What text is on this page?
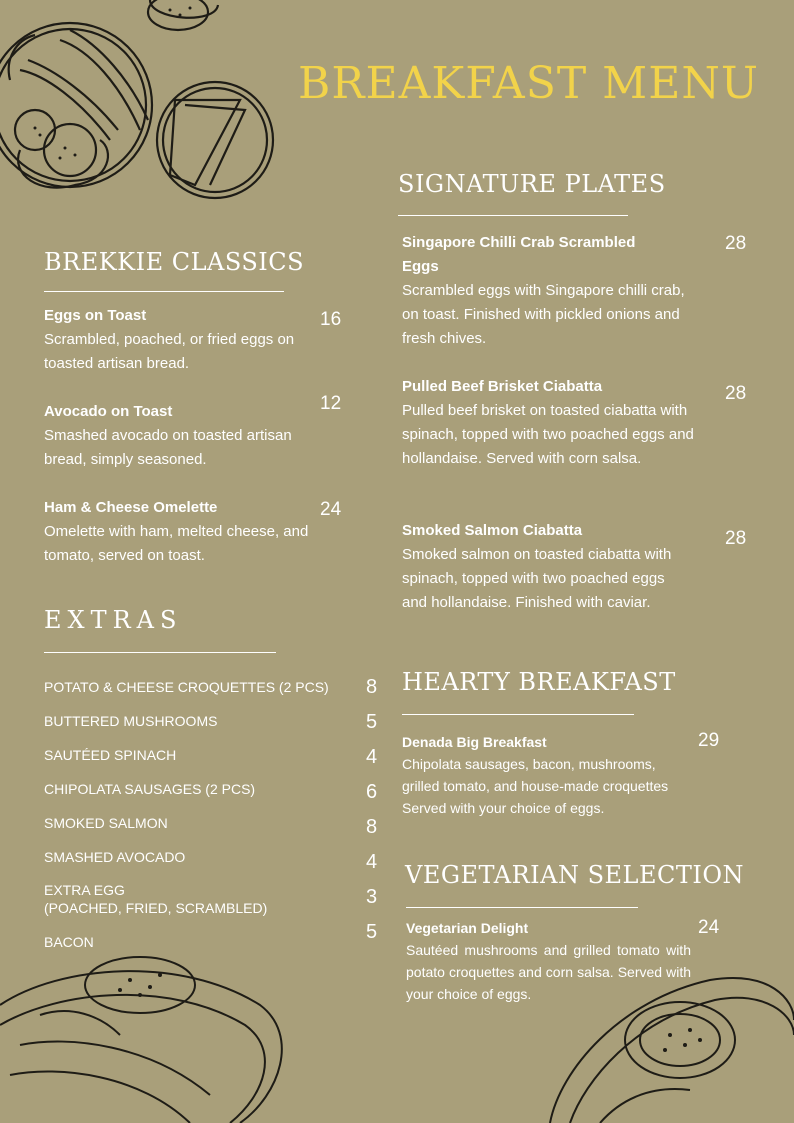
BREAKFAST MENU
BREKKIE CLASSICS
Eggs on Toast
Scrambled, poached, or fried eggs on toasted artisan bread.
16
Avocado on Toast
Smashed avocado on toasted artisan bread, simply seasoned.
12
Ham & Cheese Omelette
Omelette with ham, melted cheese, and tomato, served on toast.
24
EXTRAS
POTATO & CHEESE CROQUETTES (2 PCS) 8
BUTTERED MUSHROOMS	5
SAUTÉED SPINACH	4
CHIPOLATA SAUSAGES (2 PCS)	6
SMOKED SALMON	8
SMASHED AVOCADO	4
EXTRA EGG
(POACHED, FRIED, SCRAMBLED)	3
BACON	5
SIGNATURE PLATES
Singapore Chilli Crab Scrambled Eggs
Scrambled eggs with Singapore chilli crab, on toast. Finished with pickled onions and fresh chives.
28
Pulled Beef Brisket Ciabatta
Pulled beef brisket on toasted ciabatta with spinach, topped with two poached eggs and hollandaise. Served with corn salsa.
28
Smoked Salmon Ciabatta
Smoked salmon on toasted ciabatta with spinach, topped with two poached eggs and hollandaise. Finished with caviar.
28
HEARTY BREAKFAST
Denada Big Breakfast
Chipolata sausages, bacon, mushrooms, grilled tomato, and house-made croquettes Served with your choice of eggs.
29
VEGETARIAN SELECTION
Vegetarian Delight
Sautéed mushrooms and grilled tomato with potato croquettes and corn salsa. Served with your choice of eggs.
24
